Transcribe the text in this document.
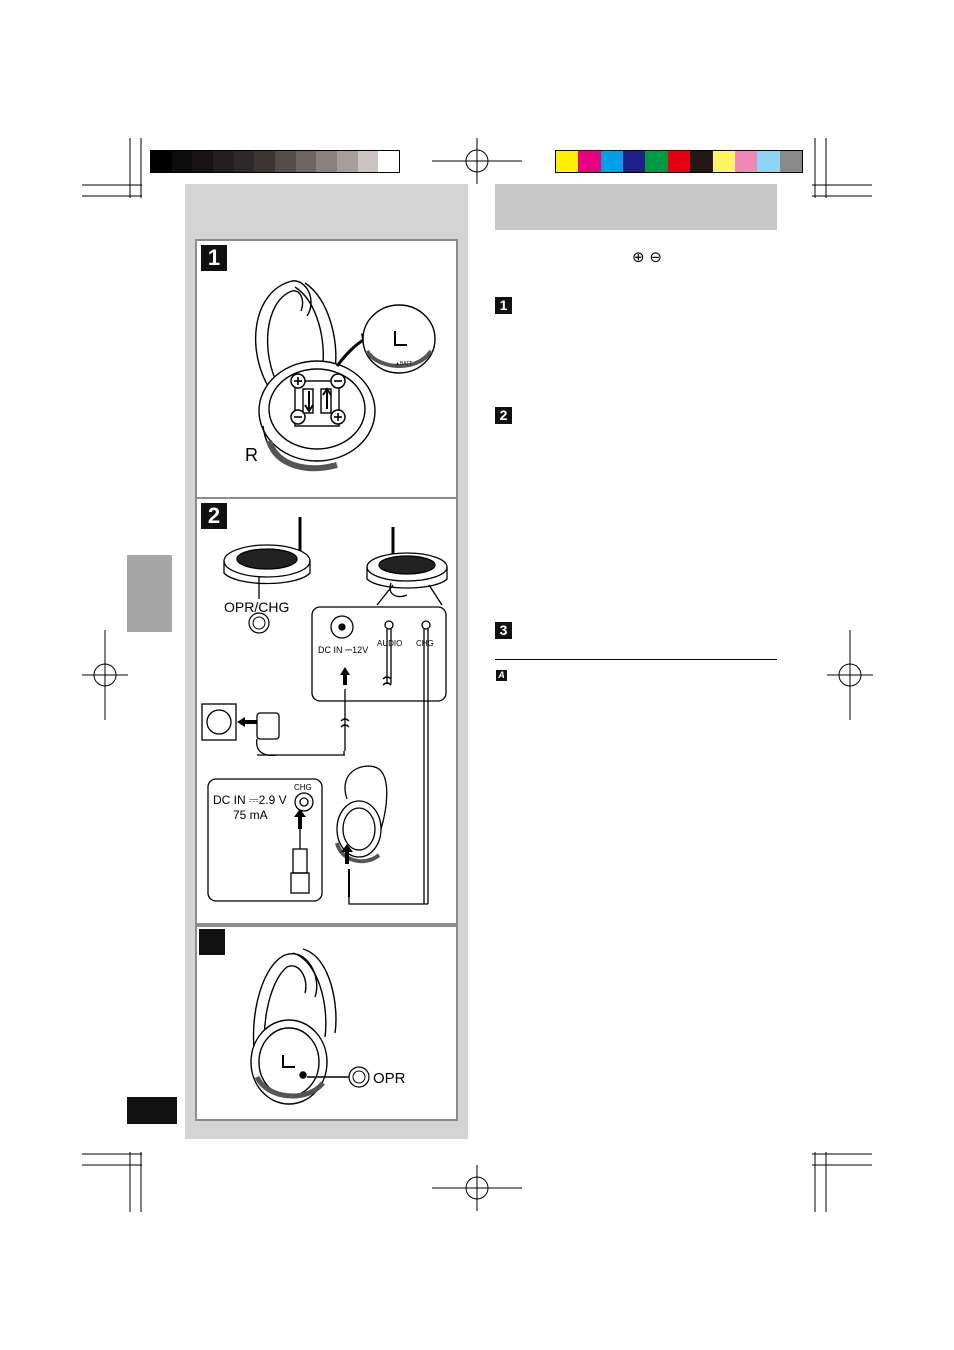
1
▲BATT
R
2
OPR/CHG
DC IN ⎓12V
AUDIO CHG
DC IN ⎓2.9 V
75 mA
CHG
OPR
⊕ ⊖
1
2
3
A
